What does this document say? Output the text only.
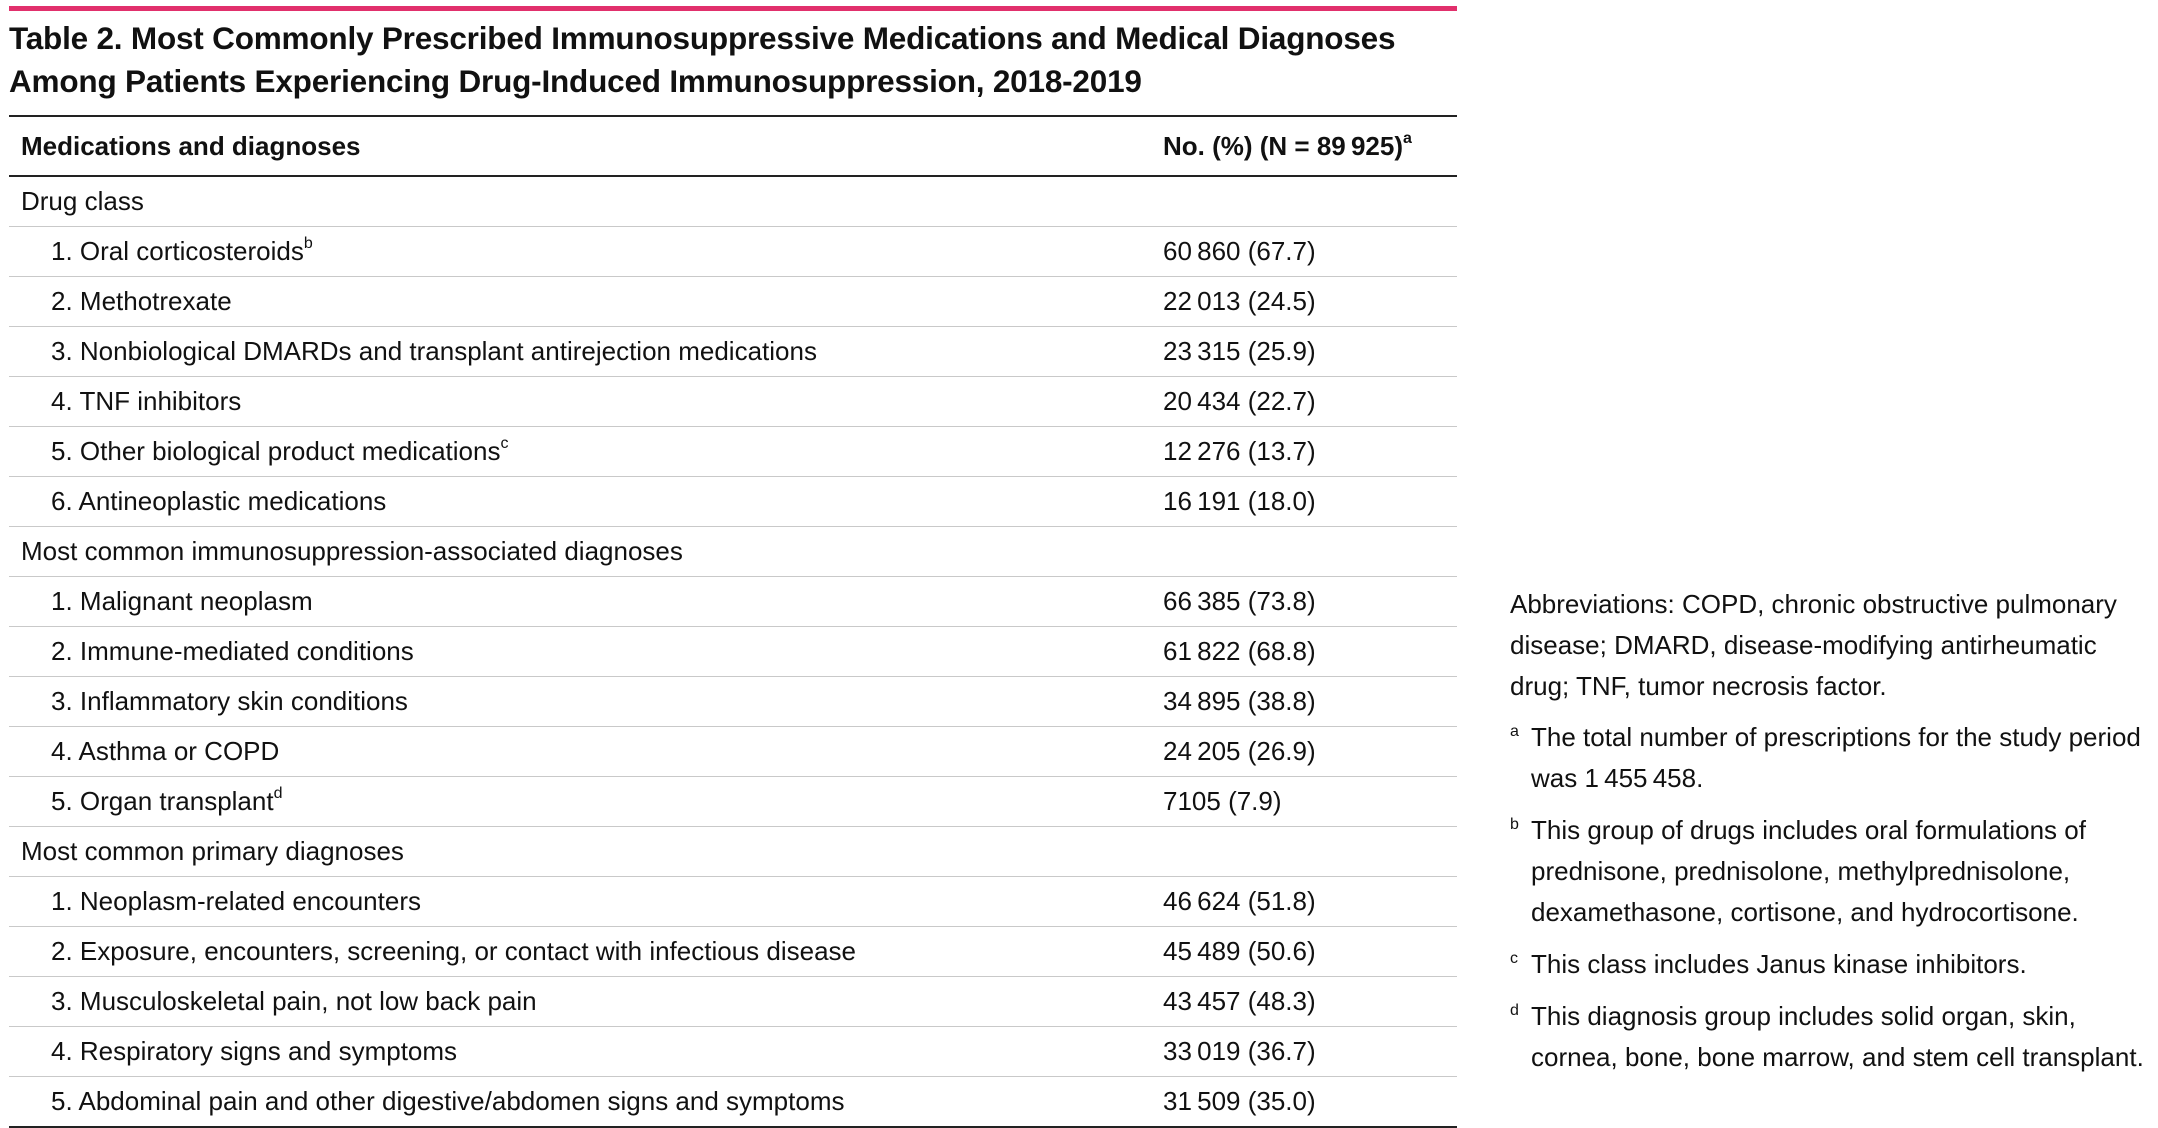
Table 2. Most Commonly Prescribed Immunosuppressive Medications and Medical Diagnoses Among Patients Experiencing Drug-Induced Immunosuppression, 2018-2019
Medications and diagnoses	No. (%) (N = 89 925)$^a$
Drug class
1. Oral corticosteroids$^b$	60 860 (67.7)
2. Methotrexate	22 013 (24.5)
3. Nonbiological DMARDs and transplant antirejection medications	23 315 (25.9)
4. TNF inhibitors	20 434 (22.7)
5. Other biological product medications$^c$	12 276 (13.7)
6. Antineoplastic medications	16 191 (18.0)
Most common immunosuppression-associated diagnoses
1. Malignant neoplasm	66 385 (73.8)
2. Immune-mediated conditions	61 822 (68.8)
3. Inflammatory skin conditions	34 895 (38.8)
4. Asthma or COPD	24 205 (26.9)
5. Organ transplant$^d$	7105 (7.9)
Most common primary diagnoses
1. Neoplasm-related encounters	46 624 (51.8)
2. Exposure, encounters, screening, or contact with infectious disease	45 489 (50.6)
3. Musculoskeletal pain, not low back pain	43 457 (48.3)
4. Respiratory signs and symptoms	33 019 (36.7)
5. Abdominal pain and other digestive/abdomen signs and symptoms	31 509 (35.0)
Abbreviations: COPD, chronic obstructive pulmonary disease; DMARD, disease-modifying antirheumatic drug; TNF, tumor necrosis factor.
a The total number of prescriptions for the study period was 1 455 458.
b This group of drugs includes oral formulations of prednisone, prednisolone, methylprednisolone, dexamethasone, cortisone, and hydrocortisone.
c This class includes Janus kinase inhibitors.
d This diagnosis group includes solid organ, skin, cornea, bone, bone marrow, and stem cell transplant.
